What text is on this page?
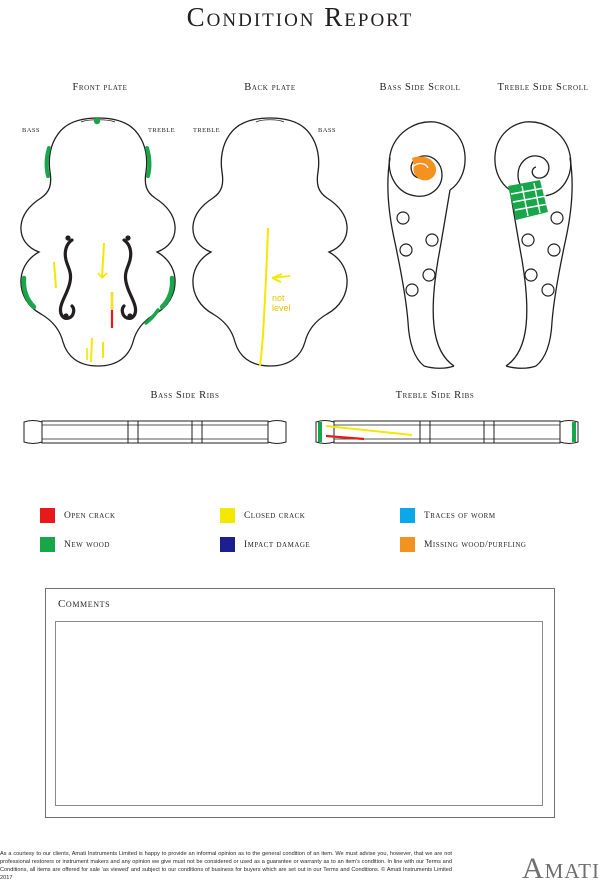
Condition Report
Front plate
BASS	TREBLE
Back plate
TREBLE	BASS
not
level
Bass Side Scroll	Treble Side Scroll
Bass Side Ribs	Treble Side Ribs
Open crack	Closed crack	Traces of worm
New wood	Impact damage	Missing wood/purfling
Comments
As a courtesy to our clients, Amati Instruments Limited is happy to provide an informal opinion as to the general condition of an item. We must advise you, however, that we are not professional restorers or instrument makers and any opinion we give must not be considered or used as a guarantee or warranty as to an item's condition. In line with our Terms and Conditions, all items are offered for sale 'as viewed' and subject to our conditions of business for buyers which are set out in our Terms and Conditions. © Amati Instruments Limited 2017	Amati
